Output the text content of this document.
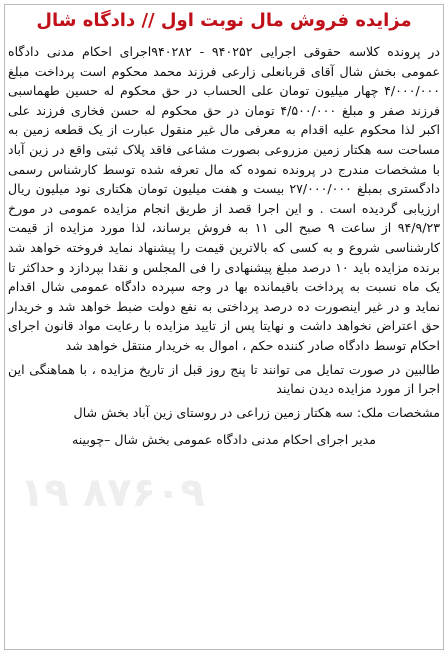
۱۹ ۸۷۶۰۹
مزایده فروش مال نوبت اول // دادگاه شال

در پرونده کلاسه حقوقی اجرایی ۹۴۰۲۵۲ - ۹۴۰۲۸۲اجرای احکام مدنی دادگاه عمومی بخش شال آقای قربانعلی زارعی فرزند محمد محکوم است پرداخت مبلغ ۴/۰۰۰/۰۰۰ چهار میلیون تومان علی الحساب در حق محکوم له حسین طهماسبی فرزند صفر و مبلغ ۴/۵۰۰/۰۰۰ تومان در حق محکوم له حسن فخاری فرزند علی اکبر لذا محکوم علیه اقدام به معرفی مال غیر منقول عبارت از یک قطعه زمین به مساحت سه هکتار زمین مزروعی بصورت مشاعی فاقد پلاک ثبتی واقع در زین آباد با مشخصات مندرج در پرونده نموده که مال تعرفه شده توسط کارشناس رسمی دادگستری بمبلغ ۲۷/۰۰۰/۰۰۰ بیست و هفت میلیون تومان هکتاری نود میلیون ریال ارزیابی گردیده است . و این اجرا قصد از طریق انجام مزایده عمومی در مورخ ۹۴/۹/۲۳ از ساعت ۹ صبح الی ۱۱ به فروش برساند، لذا مورد مزایده از قیمت کارشناسی شروع و به کسی که بالاترین قیمت را پیشنهاد نماید فروخته خواهد شد برنده مزایده باید ۱۰ درصد مبلغ پیشنهادی را فی المجلس و نقدا بپردازد و حداکثر تا یک ماه نسبت به پرداخت باقیمانده بها در وجه سپرده دادگاه عمومی شال اقدام نماید و در غیر اینصورت ده درصد پرداختی به نفع دولت ضبط خواهد شد و خریدار حق اعتراض نخواهد داشت و نهایتا پس از تایید مزایده با رعایت مواد قانون اجرای احکام توسط دادگاه صادر کننده حکم ، اموال به خریدار منتقل خواهد شد

طالبین در صورت تمایل می توانند تا پنج روز قبل از تاریخ مزایده ، با هماهنگی این اجرا از مورد مزایده دیدن نمایند

مشخصات ملک: سه هکتار زمین زراعی در روستای زین آباد بخش شال

مدیر اجرای احکام مدنی دادگاه عمومی بخش شال –چوبینه
